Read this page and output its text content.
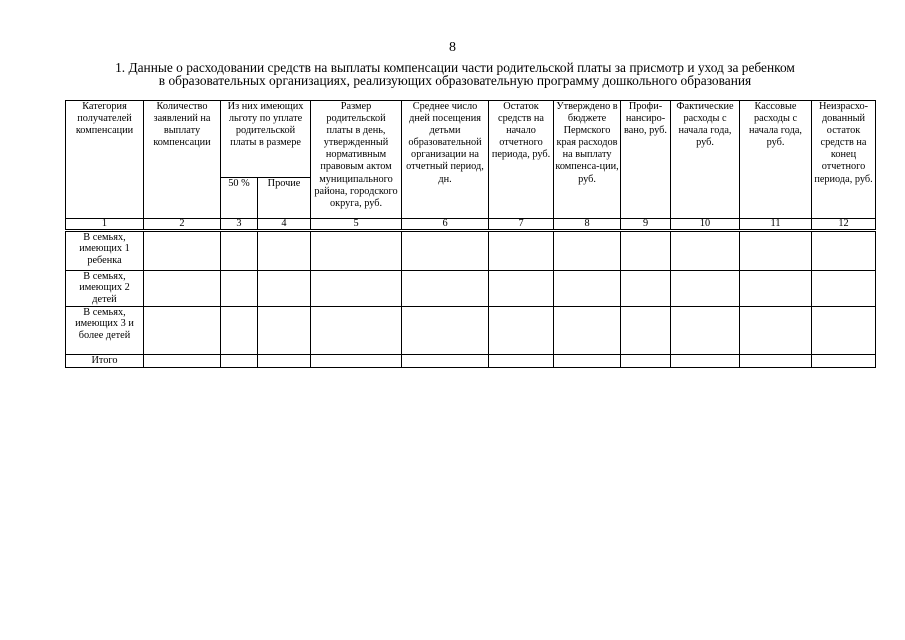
8
1. Данные о расходовании средств на выплаты компенсации части родительской платы за присмотр и уход за ребенком
в образовательных организациях, реализующих образовательную программу дошкольного образования
Категория получателей компенсации	Количество заявлений на выплату компенсации	Из них имеющих льготу по уплате родительской платы в размере		Размер родительской платы в день, утвержденный нормативным правовым актом муниципального района, городского округа, руб.	Среднее число дней посещения детьми образовательной организации на отчетный период, дн.	Остаток средств на начало отчетного периода, руб.	Утверждено в бюджете Пермского края расходов на выплату компенса-ции, руб.	Профи-нансиро-вано, руб.	Фактические расходы с начала года, руб.	Кассовые расходы с начала года, руб.	Неизрасхо-дованный остаток средств на конец отчетного периода, руб.
		50 %	Прочие								
1	2	3	4	5	6	7	8	9	10	11	12
В семьях, имеющих 1 ребенка											
В семьях, имеющих 2 детей											
В семьях, имеющих 3 и более детей											
Итого											
